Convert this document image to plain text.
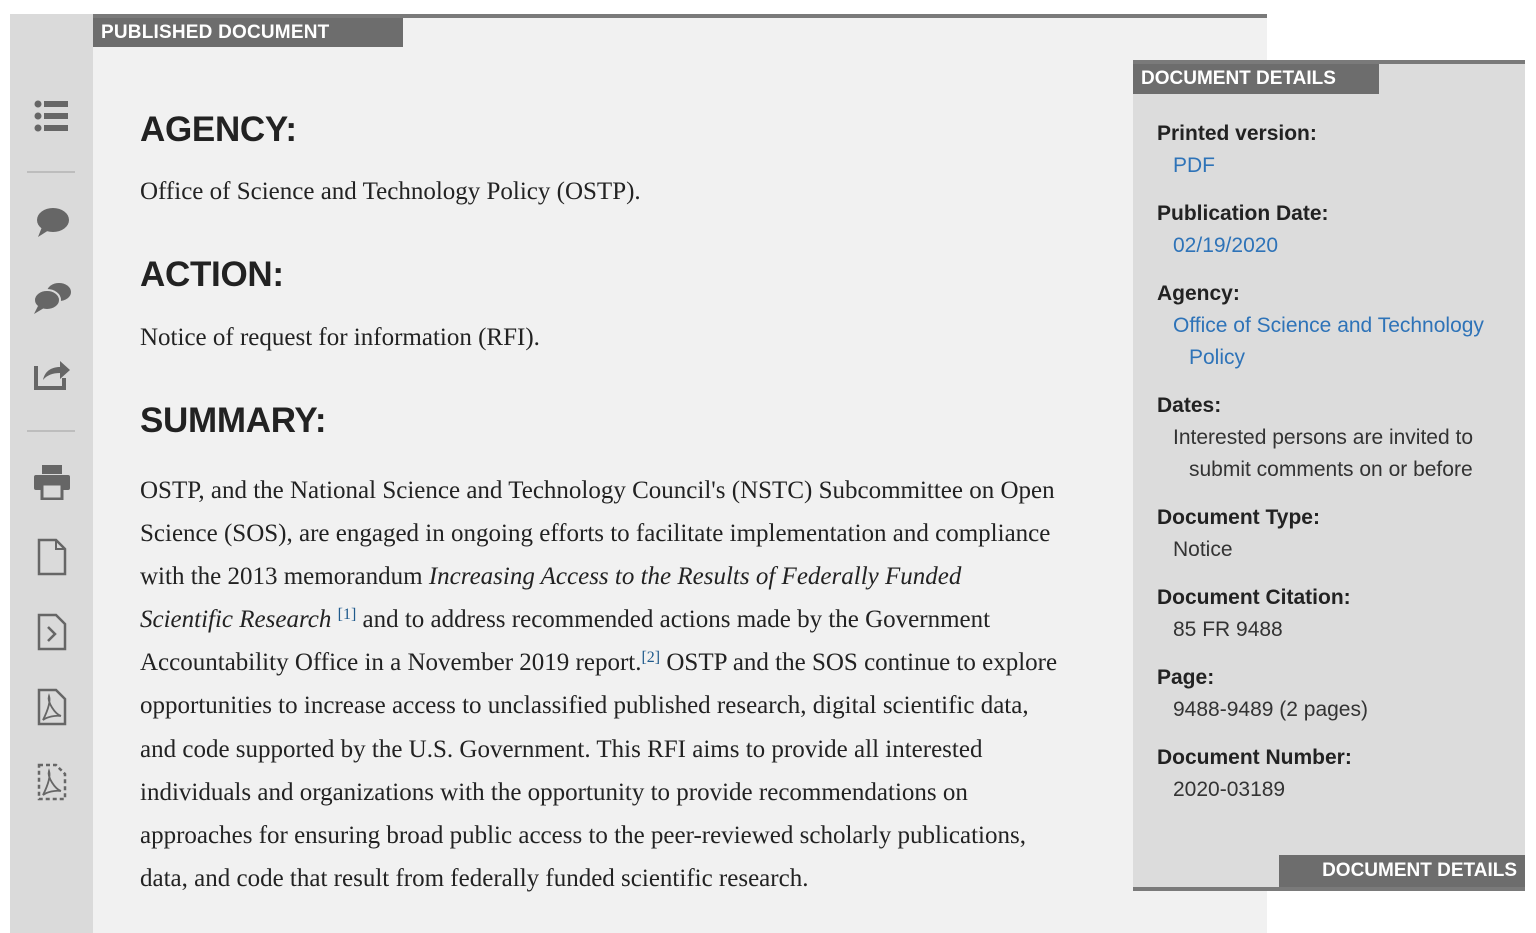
PUBLISHED DOCUMENT
AGENCY:

Office of Science and Technology Policy (OSTP).

ACTION:

Notice of request for information (RFI).

SUMMARY:

OSTP, and the National Science and Technology Council's (NSTC) Subcommittee on Open Science (SOS), are engaged in ongoing efforts to facilitate implementation and compliance with the 2013 memorandum Increasing Access to the Results of Federally Funded Scientific Research [1] and to address recommended actions made by the Government Accountability Office in a November 2019 report.[2] OSTP and the SOS continue to explore opportunities to increase access to unclassified published research, digital scientific data, and code supported by the U.S. Government. This RFI aims to provide all interested individuals and organizations with the opportunity to provide recommendations on approaches for ensuring broad public access to the peer-reviewed scholarly publications, data, and code that result from federally funded scientific research.

DOCUMENT DETAILS

Printed version:

PDF

Publication Date:

02/19/2020

Agency:

Office of Science and Technology Policy

Dates:

Interested persons are invited to submit comments on or before

Document Type:

Notice

Document Citation:

85 FR 9488

Page:

9488-9489 (2 pages)

Document Number:

2020-03189

DOCUMENT DETAILS
